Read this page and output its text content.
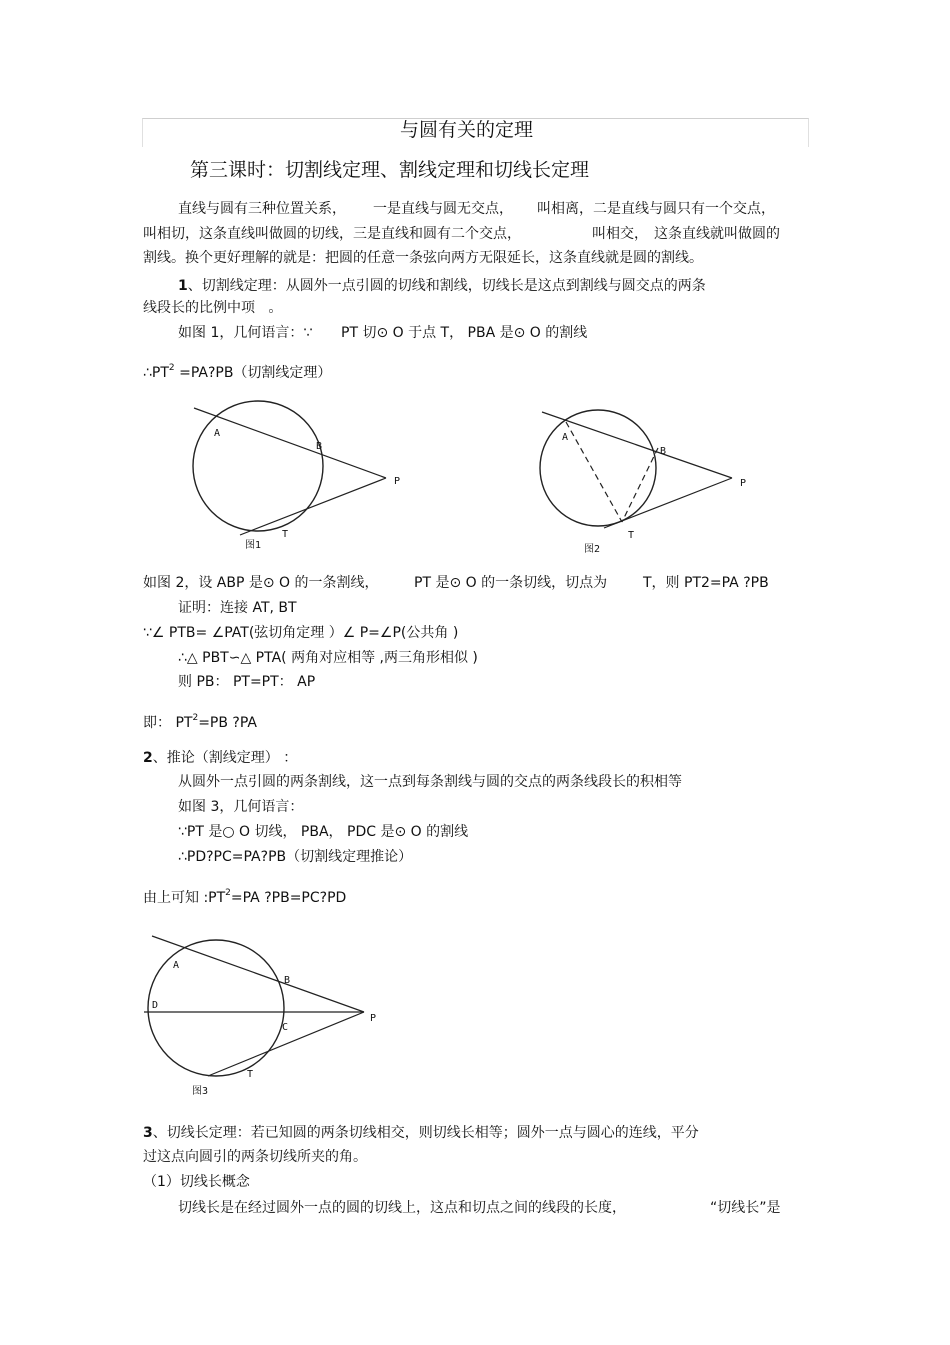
与圆有关的定理
第三课时：切割线定理、割线定理和切线长定理
直线与圆有三种位置关系， 一是直线与圆无交点， 叫相离，二是直线与圆只有一个交点，
叫相切，这条直线叫做圆的切线，三是直线和圆有二个交点，	叫相交， 这条直线就叫做圆的
割线。换个更好理解的就是：把圆的任意一条弦向两方无限延长，这条直线就是圆的割线。
1、切割线定理：从圆外一点引圆的切线和割线，切线长是这点到割线与圆交点的两条
线段长的比例中项 。
如图 1，几何语言：∵ PT 切⊙ O 于点 T， PBA 是⊙ O 的割线
$\therefore PT^2$ =PA?PB（切割线定理）
A
B
P
T
图1
A
B
P
T
图2
如图 2，设 ABP 是⊙ O 的一条割线，	PT 是⊙ O 的一条切线，切点为	T，则 PT2=PA ?PB
证明：连接 AT, BT
∵∠ PTB= ∠PAT(弦切角定理 ）∠ P=∠P(公共角 )
∴△ PBT∽△ PTA( 两角对应相等 ,两三角形相似 )
则 PB： PT=PT： AP
即： $PT^2=PB$ ?PA
2、推论（割线定理） ：
从圆外一点引圆的两条割线，这一点到每条割线与圆的交点的两条线段长的积相等
如图 3，几何语言：
∵PT 是○ O 切线， PBA， PDC 是⊙ O 的割线
∴PD?PC=PA?PB（切割线定理推论）
由上可知 $:PT^2=PA$ ?PB=PC?PD
A
B
D
C
P
T
图3
3、切线长定理：若已知圆的两条切线相交，则切线长相等；圆外一点与圆心的连线，平分
过这点向圆引的两条切线所夹的角。
（1）切线长概念
切线长是在经过圆外一点的圆的切线上，这点和切点之间的线段的长度，	“切线长”是
